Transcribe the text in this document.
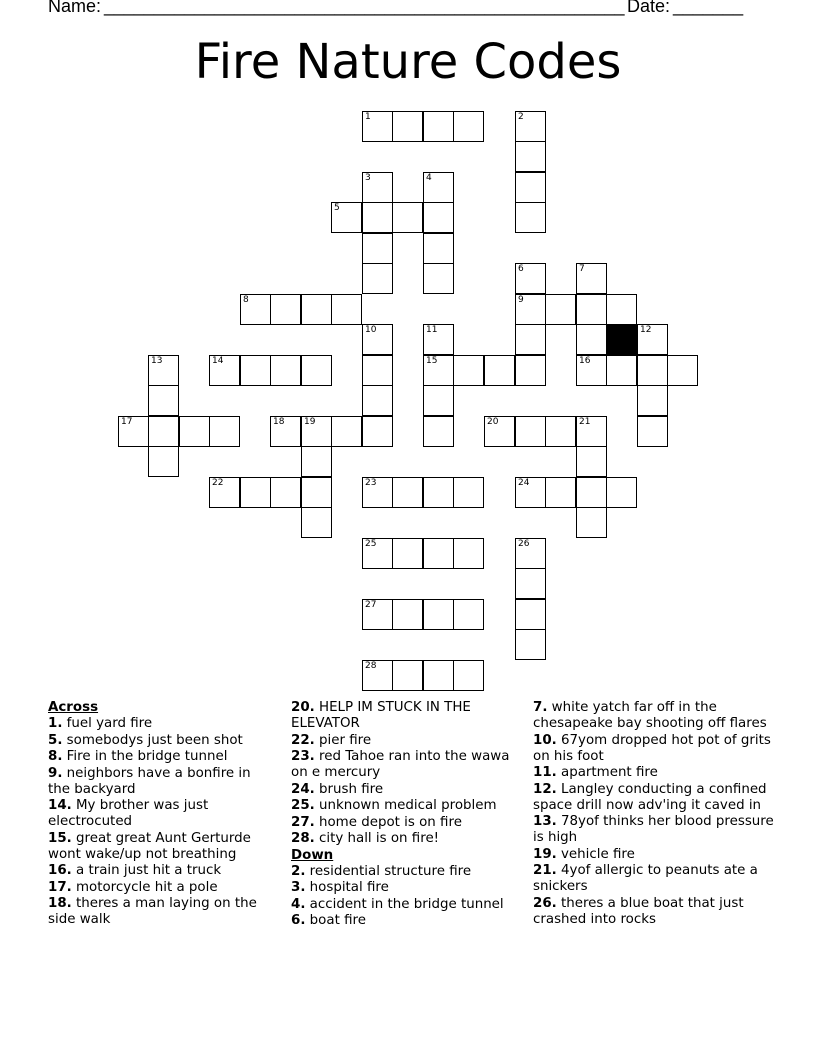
Name: ____________________________________________________ Date: _______
Fire Nature Codes
1	2
3	4
5
6	7
8	9
10	11	12
13	14	15	16
17	18 19	20	21
22	23	24
25	26
27
28
Across
1. fuel yard fire
5. somebodys just been shot
8. Fire in the bridge tunnel
9. neighbors have a bonfire in the backyard
14. My brother was just electrocuted
15. great great Aunt Gerturde wont wake/up not breathing
16. a train just hit a truck
17. motorcycle hit a pole
18. theres a man laying on the side walk
20. HELP IM STUCK IN THE ELEVATOR
22. pier fire
23. red Tahoe ran into the wawa on e mercury
24. brush fire
25. unknown medical problem
27. home depot is on fire
28. city hall is on fire!
Down
2. residential structure fire
3. hospital fire
4. accident in the bridge tunnel
6. boat fire
7. white yatch far off in the chesapeake bay shooting off flares
10. 67yom dropped hot pot of grits on his foot
11. apartment fire
12. Langley conducting a confined space drill now adv'ing it caved in
13. 78yof thinks her blood pressure is high
19. vehicle fire
21. 4yof allergic to peanuts ate a snickers
26. theres a blue boat that just crashed into rocks
